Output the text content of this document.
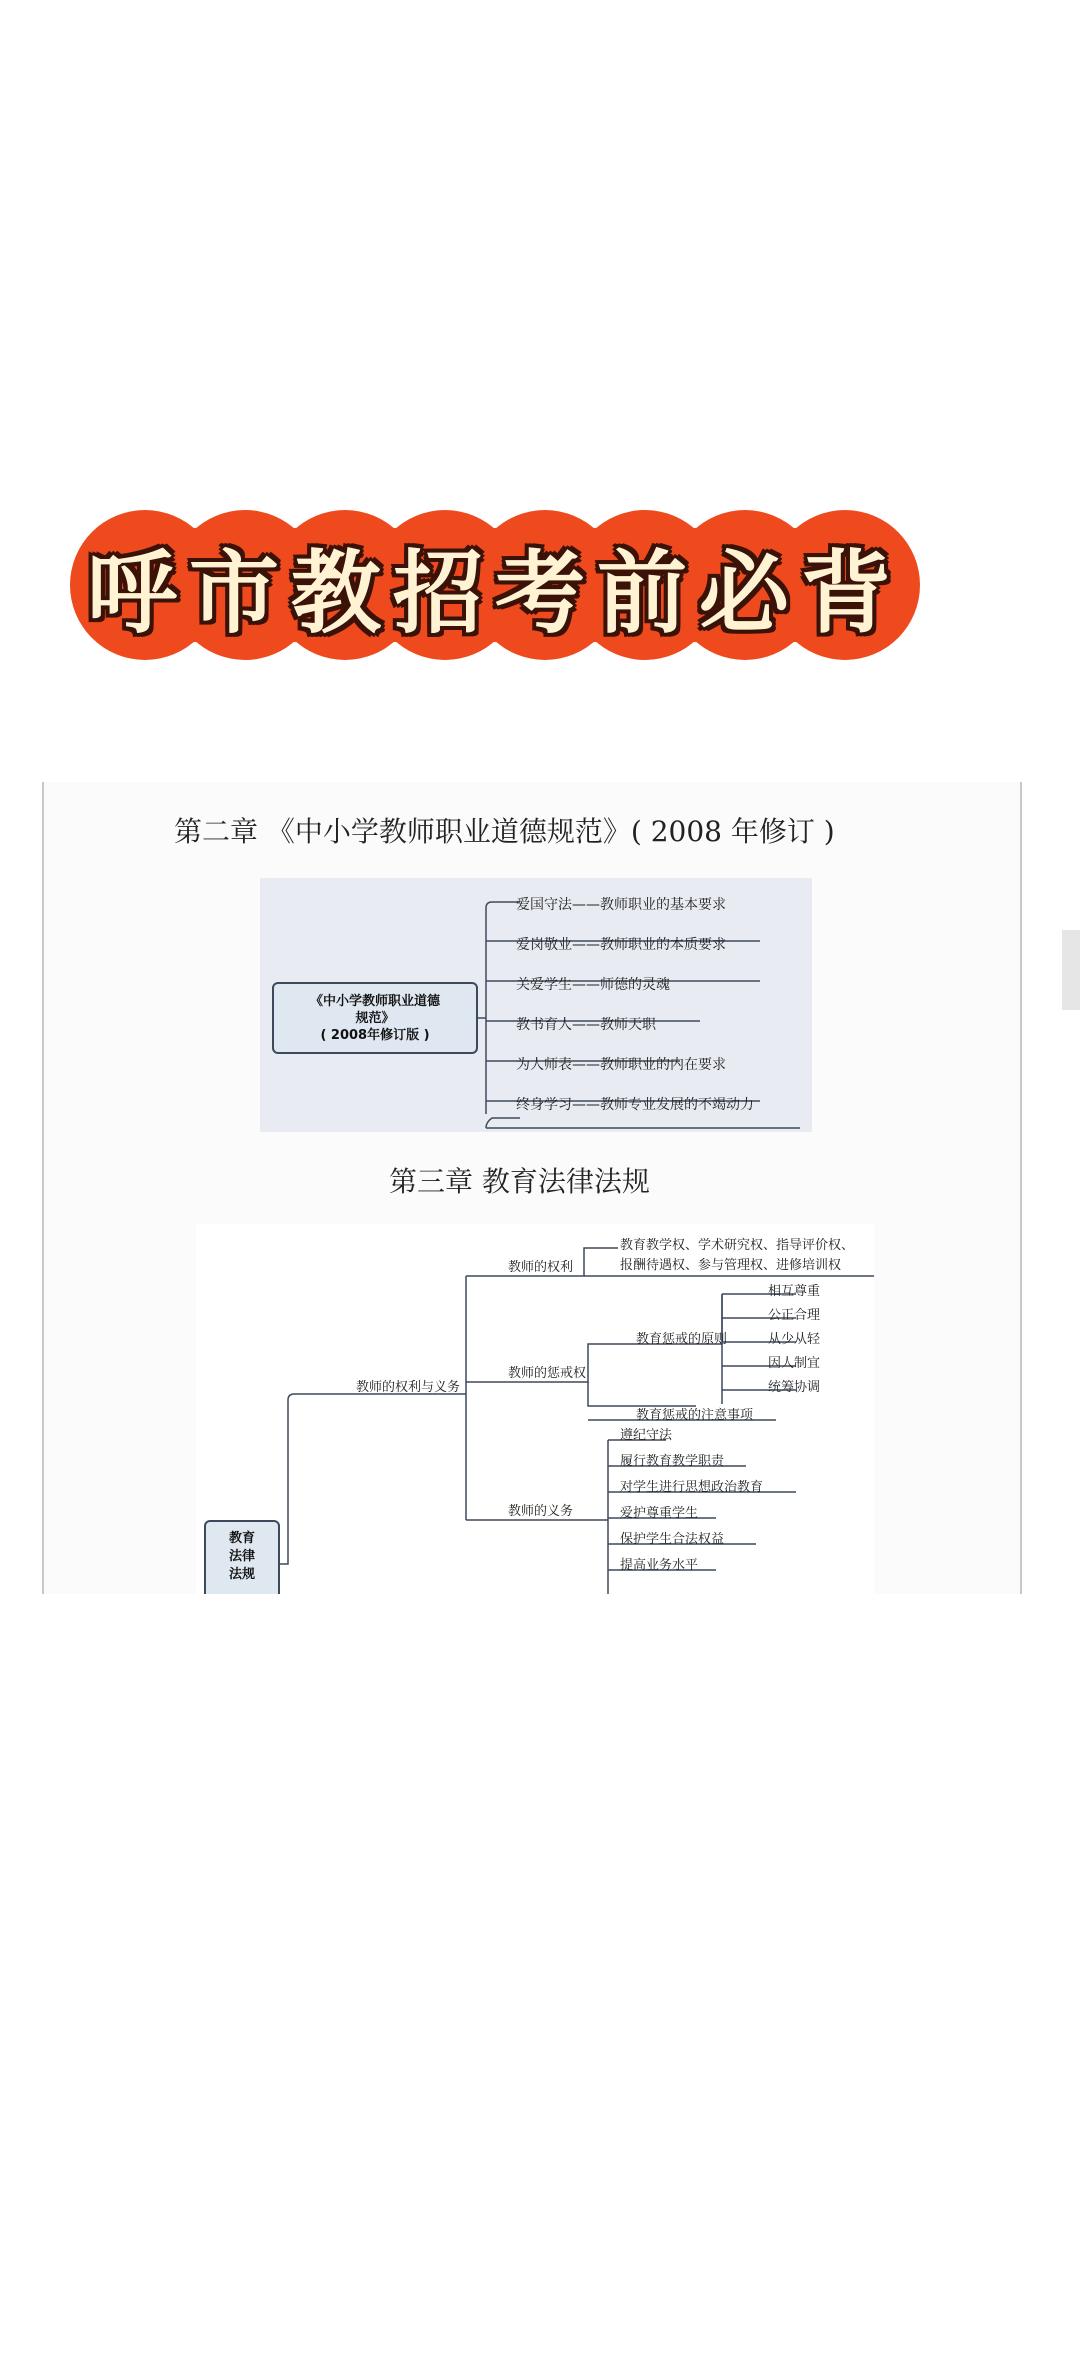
呼市教招考前必背
第二章 《中小学教师职业道德规范》( 2008 年修订 )
《中小学教师职业道德
规范》
( 2008年修订版 )
爱国守法——教师职业的基本要求
爱岗敬业——教师职业的本质要求
关爱学生——师德的灵魂
教书育人——教师天职
为人师表——教师职业的内在要求
终身学习——教师专业发展的不竭动力
第三章 教育法律法规
教育
法律
法规
教师的权利与义务
教师的权利
教育教学权、学术研究权、指导评价权、
报酬待遇权、参与管理权、进修培训权
教师的惩戒权
教育惩戒的原则
相互尊重
公正合理
从少从轻
因人制宜
统筹协调
教育惩戒的注意事项
教师的义务
遵纪守法
履行教育教学职责
对学生进行思想政治教育
爱护尊重学生
保护学生合法权益
提高业务水平
